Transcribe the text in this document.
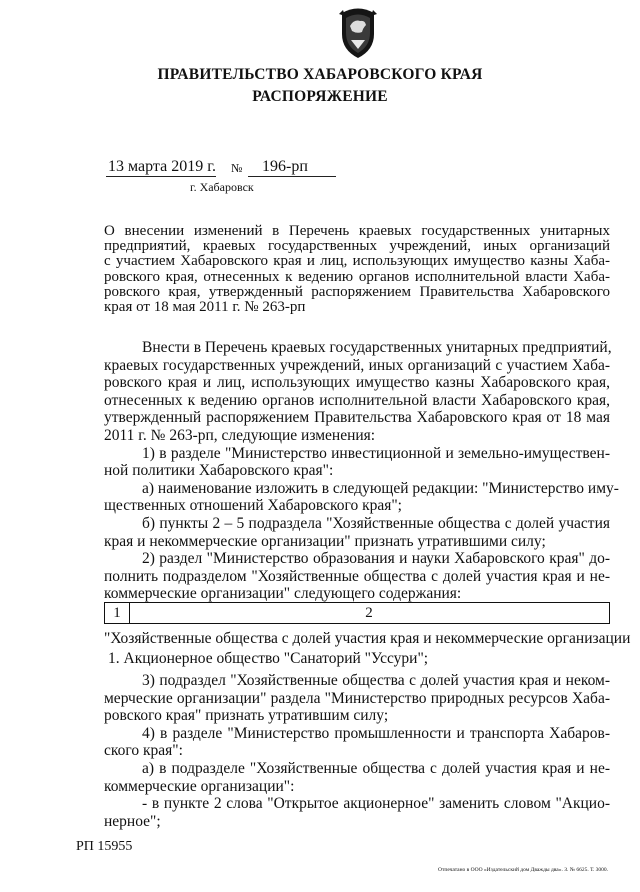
ПРАВИТЕЛЬСТВО ХАБАРОВСКОГО КРАЯ
РАСПОРЯЖЕНИЕ
13 марта 2019 г. № 196-рп
г. Хабаровск
О внесении изменений в Перечень краевых государственных унитарных
предприятий, краевых государственных учреждений, иных организаций
с участием Хабаровского края и лиц, использующих имущество казны Хаба-
ровского края, отнесенных к ведению органов исполнительной власти Хаба-
ровского края, утвержденный распоряжением Правительства Хабаровского
края от 18 мая 2011 г. № 263-рп
Внести в Перечень краевых государственных унитарных предприятий,
краевых государственных учреждений, иных организаций с участием Хаба-
ровского края и лиц, использующих имущество казны Хабаровского края,
отнесенных к ведению органов исполнительной власти Хабаровского края,
утвержденный распоряжением Правительства Хабаровского края от 18 мая
2011 г. № 263-рп, следующие изменения:
1) в разделе "Министерство инвестиционной и земельно-имуществен-
ной политики Хабаровского края":
а) наименование изложить в следующей редакции: "Министерство иму-
щественных отношений Хабаровского края";
б) пункты 2 – 5 подраздела "Хозяйственные общества с долей участия
края и некоммерческие организации" признать утратившими силу;
2) раздел "Министерство образования и науки Хабаровского края" до-
полнить подразделом "Хозяйственные общества с долей участия края и не-
коммерческие организации" следующего содержания:
1	2
"Хозяйственные общества с долей участия края и некоммерческие организации
1. Акционерное общество "Санаторий "Уссури";
3) подраздел "Хозяйственные общества с долей участия края и неком-
мерческие организации" раздела "Министерство природных ресурсов Хаба-
ровского края" признать утратившим силу;
4) в разделе "Министерство промышленности и транспорта Хабаров-
ского края":
а) в подразделе "Хозяйственные общества с долей участия края и не-
коммерческие организации":
- в пункте 2 слова "Открытое акционерное" заменить словом "Акцио-
нерное";
РП 15955
Отпечатано в ООО «Издательский дом Дважды два». З. № 6625. Т. 3000.
